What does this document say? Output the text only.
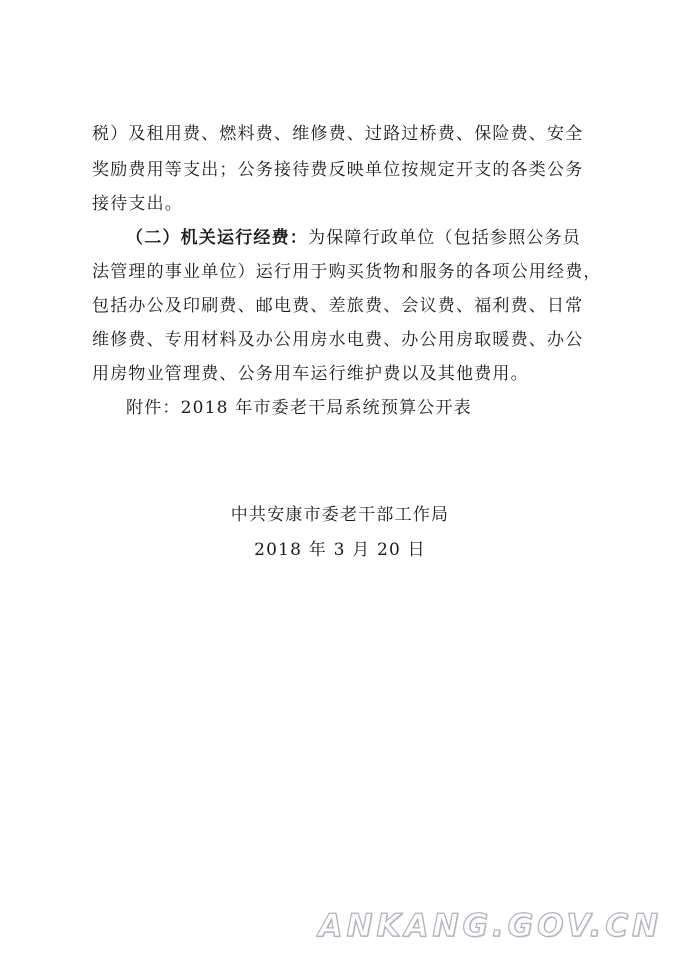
税）及租用费、燃料费、维修费、过路过桥费、保险费、安全
奖励费用等支出；公务接待费反映单位按规定开支的各类公务
接待支出。
（二）机关运行经费：为保障行政单位（包括参照公务员
法管理的事业单位）运行用于购买货物和服务的各项公用经费，
包括办公及印刷费、邮电费、差旅费、会议费、福利费、日常
维修费、专用材料及办公用房水电费、办公用房取暖费、办公
用房物业管理费、公务用车运行维护费以及其他费用。
附件：2018 年市委老干局系统预算公开表
中共安康市委老干部工作局
2018 年 3 月 20 日
ANKANG.GOV.CN
